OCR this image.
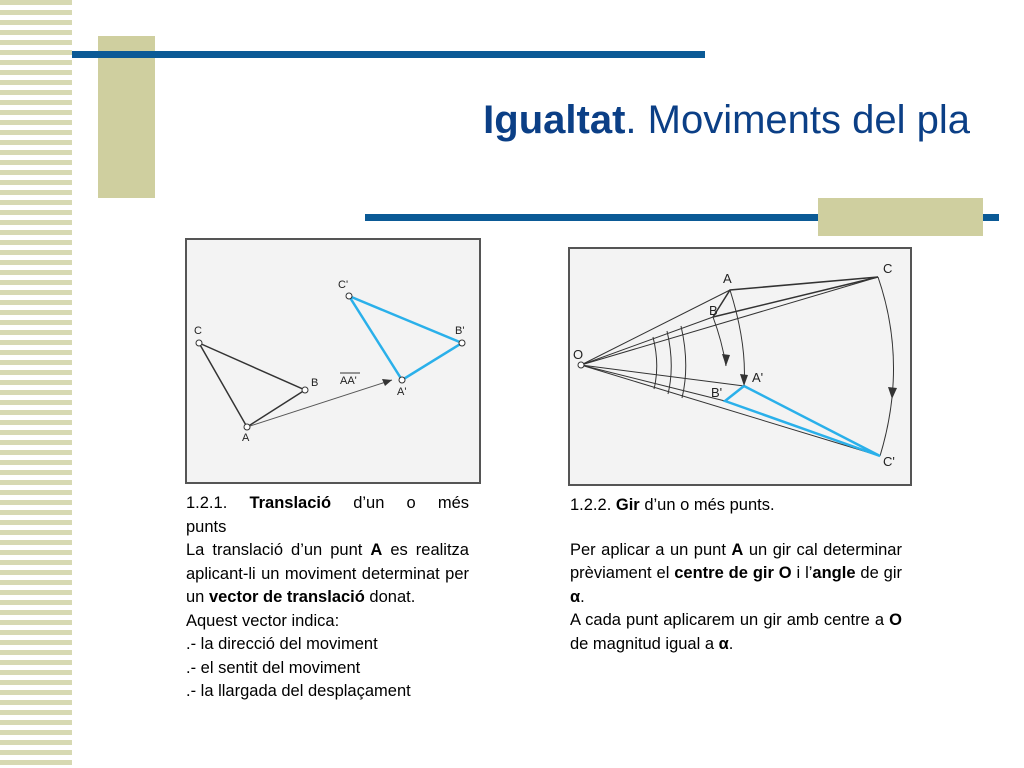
Igualtat. Moviments del pla
C'
C	B'
B AA'
A'
A
A
C
B
O
A'
B'
C'
1.2.1. Translació d’un o més
punts
La translació d’un punt A es realitza aplicant-li un moviment determinat per un vector de translació donat.
Aquest vector indica:
.- la direcció del moviment
.- el sentit del moviment
.- la llargada del desplaçament
1.2.2. Gir d’un o més punts.
Per aplicar a un punt A un gir cal determinar prèviament el centre de gir O i l’angle de gir α.
A cada punt aplicarem un gir amb centre a O de magnitud igual a α.
